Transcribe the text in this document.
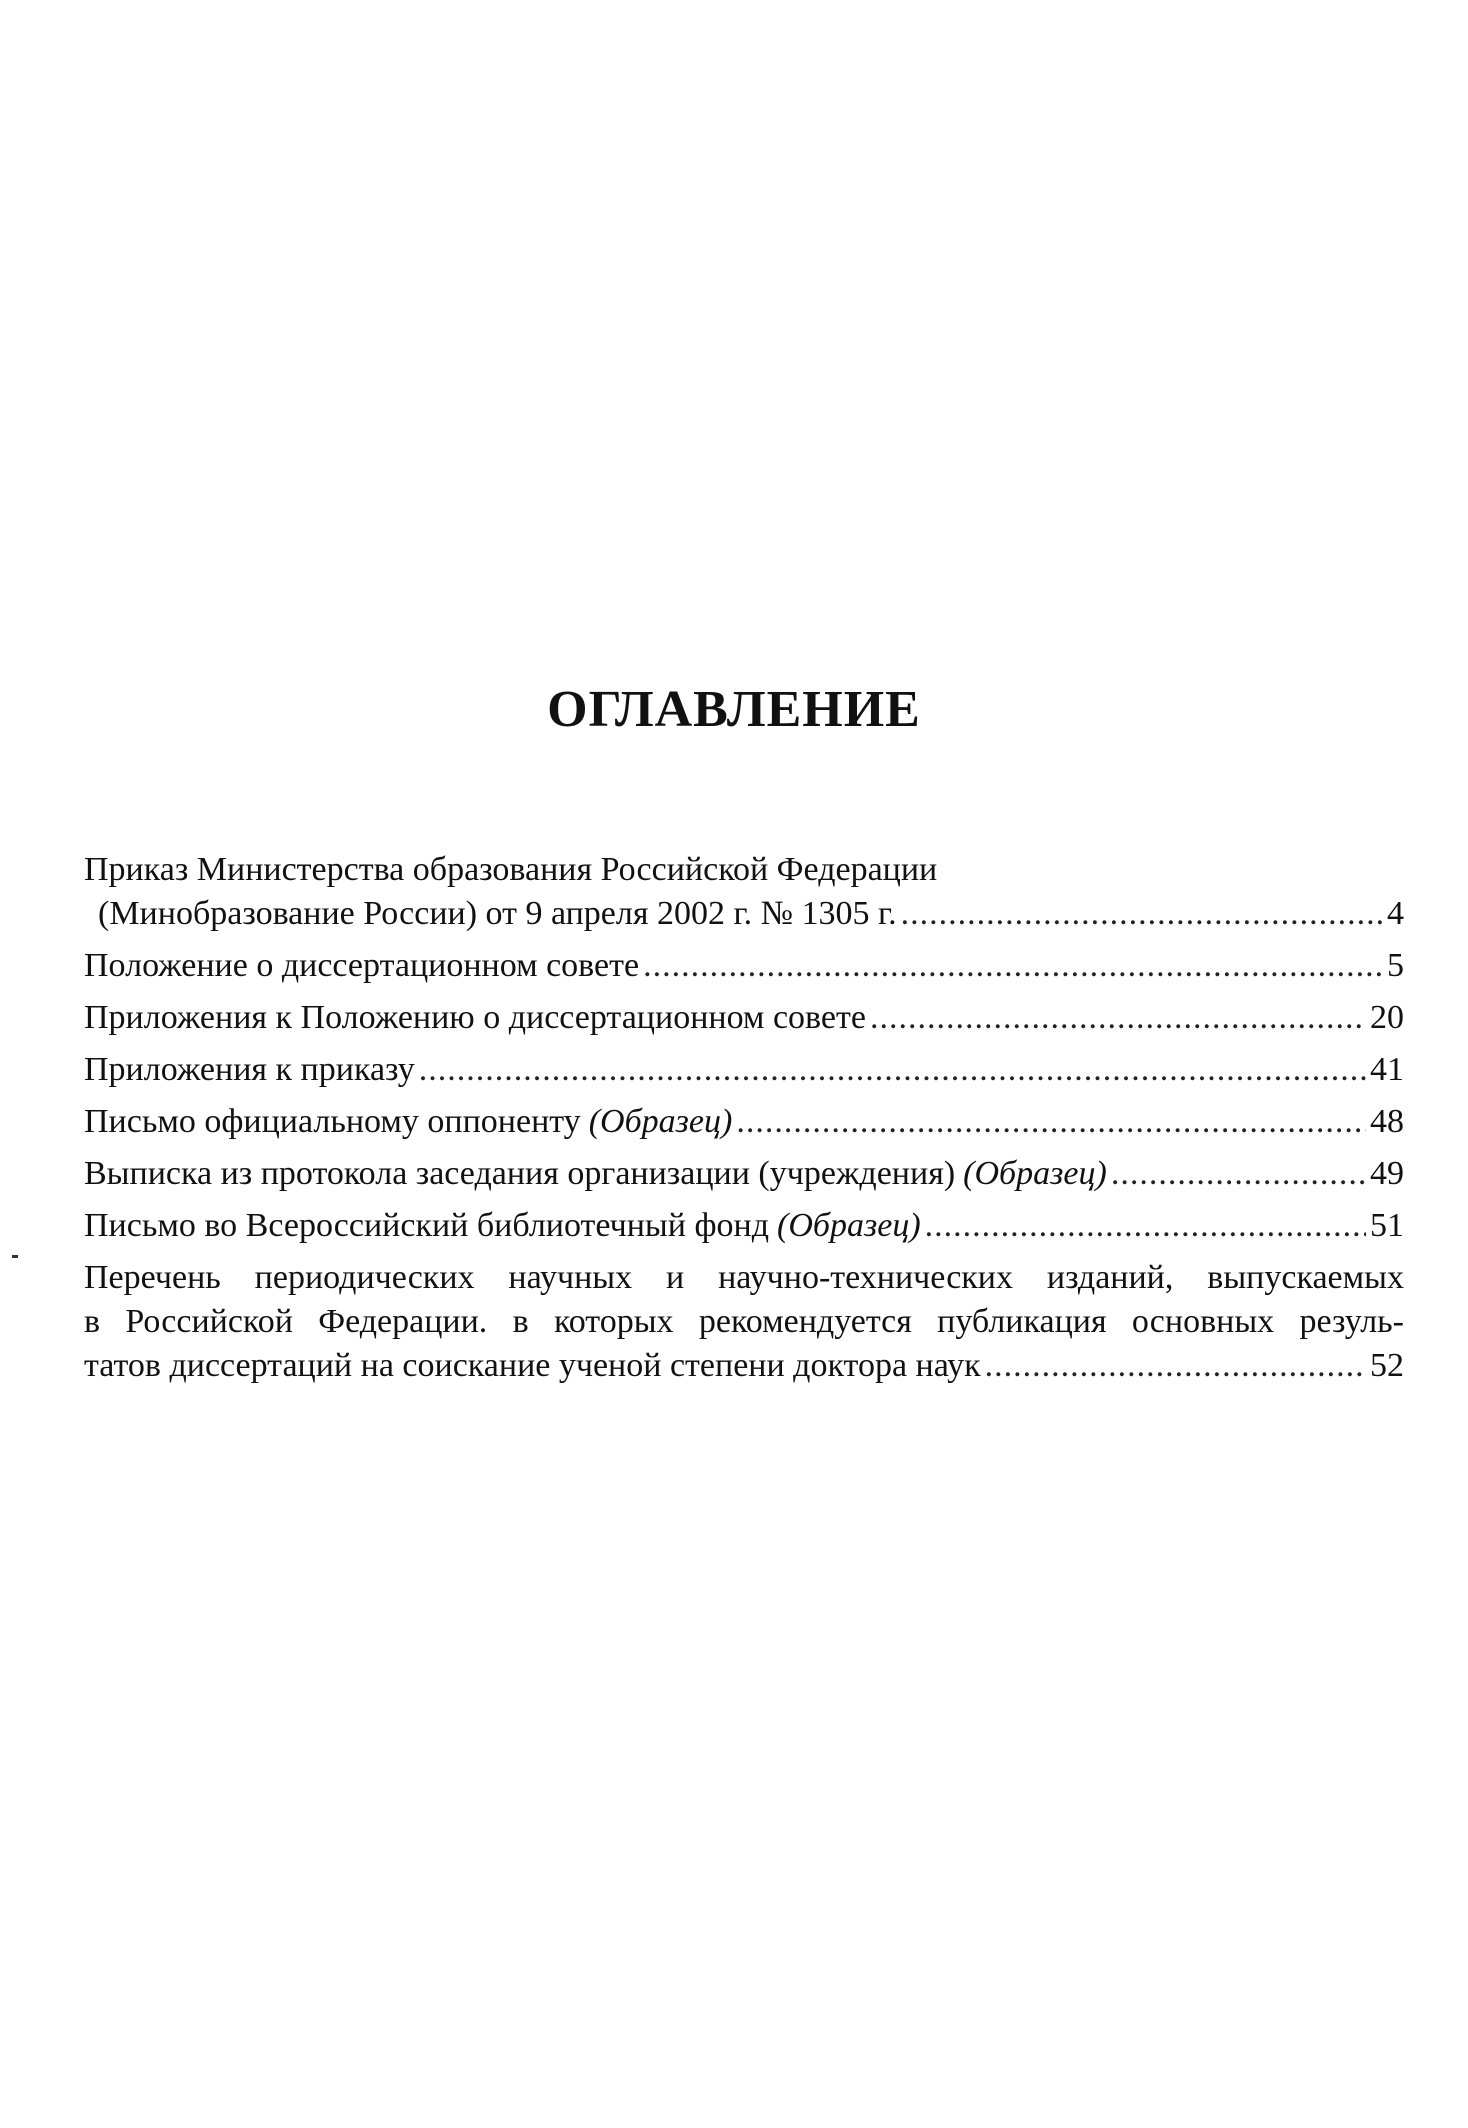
ОГЛАВЛЕНИЕ
Приказ Министерства образования Российской Федерации
(Минобразование России) от 9 апреля 2002 г. № 1305 г. .....	4
Положение о диссертационном совете .....	5
Приложения к Положению о диссертационном совете .....	20
Приложения к приказу .....	41
Письмо официальному оппоненту (Образец) .....	48
Выписка из протокола заседания организации (учреждения) (Образец) .....	49
Письмо во Всероссийский библиотечный фонд (Образец) .....	51
Перечень периодических научных и научно-технических изданий, выпускаемых
в Российской Федерации. в которых рекомендуется публикация основных резуль-
татов диссертаций на соискание ученой степени доктора наук .....	52
